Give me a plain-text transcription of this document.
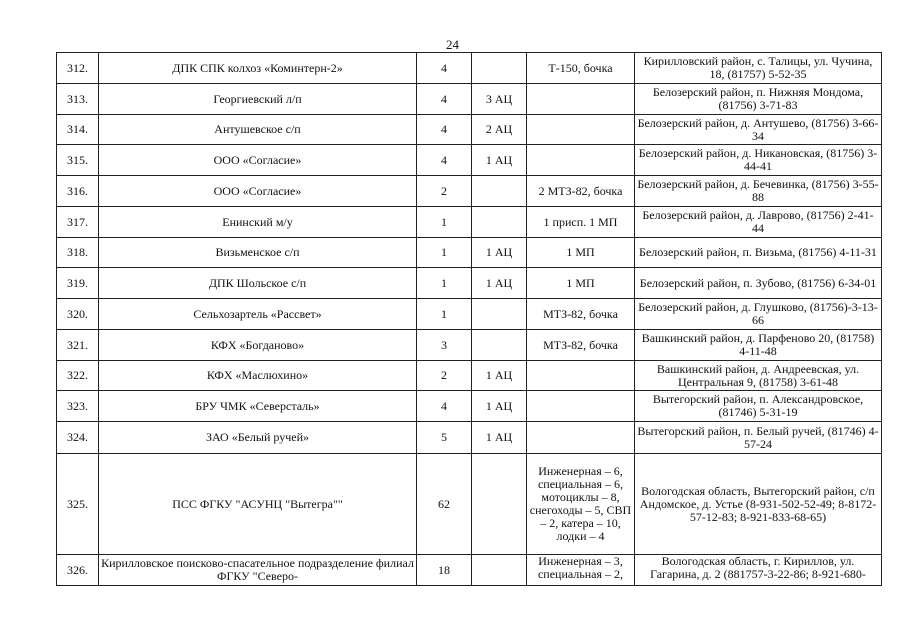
24
312.	ДПК СПК колхоз «Коминтерн-2»	4		Т-150, бочка	Кирилловский район, с. Талицы, ул. Чучина, 18, (81757) 5-52-35
313.	Георгиевский л/п	4	3 АЦ		Белозерский район, п. Нижняя Мондома, (81756) 3-71-83
314.	Антушевское с/п	4	2 АЦ		Белозерский район, д. Антушево, (81756) 3-66-34
315.	ООО «Согласие»	4	1 АЦ		Белозерский район, д. Никановская, (81756) 3-44-41
316.	ООО «Согласие»	2		2 МТЗ-82, бочка	Белозерский район, д. Бечевинка, (81756) 3-55-88
317.	Енинский м/у	1		1 присп. 1 МП	Белозерский район, д. Лаврово, (81756) 2-41-44
318.	Визьменское с/п	1	1 АЦ	1 МП	Белозерский район, п. Визьма, (81756) 4-11-31
319.	ДПК Шольское с/п	1	1 АЦ	1 МП	Белозерский район, п. Зубово, (81756) 6-34-01
320.	Сельхозартель «Рассвет»	1		МТЗ-82, бочка	Белозерский район, д. Глушково, (81756)-3-13-66
321.	КФХ «Богданово»	3		МТЗ-82, бочка	Вашкинский район, д. Парфеново 20, (81758) 4-11-48
322.	КФХ «Маслюхино»	2	1 АЦ		Вашкинский район, д. Андреевская, ул. Центральная 9, (81758) 3-61-48
323.	БРУ ЧМК «Северсталь»	4	1 АЦ		Вытегорский район, п. Александровское, (81746) 5-31-19
324.	ЗАО «Белый ручей»	5	1 АЦ		Вытегорский район, п. Белый ручей, (81746) 4-57-24
325.	ПСС ФГКУ "АСУНЦ "Вытегра""	62		Инженерная – 6, специальная – 6, мотоциклы – 8, снегоходы – 5, СВП – 2, катера – 10, лодки – 4	Вологодская область, Вытегорский район, с/п Андомское, д. Устье (8-931-502-52-49; 8-8172-57-12-83; 8-921-833-68-65)
326.	Кирилловское поисково-спасательное подразделение филиал ФГКУ "Северо-	18		Инженерная – 3, специальная – 2,	Вологодская область, г. Кириллов, ул. Гагарина, д. 2 (881757-3-22-86; 8-921-680-
